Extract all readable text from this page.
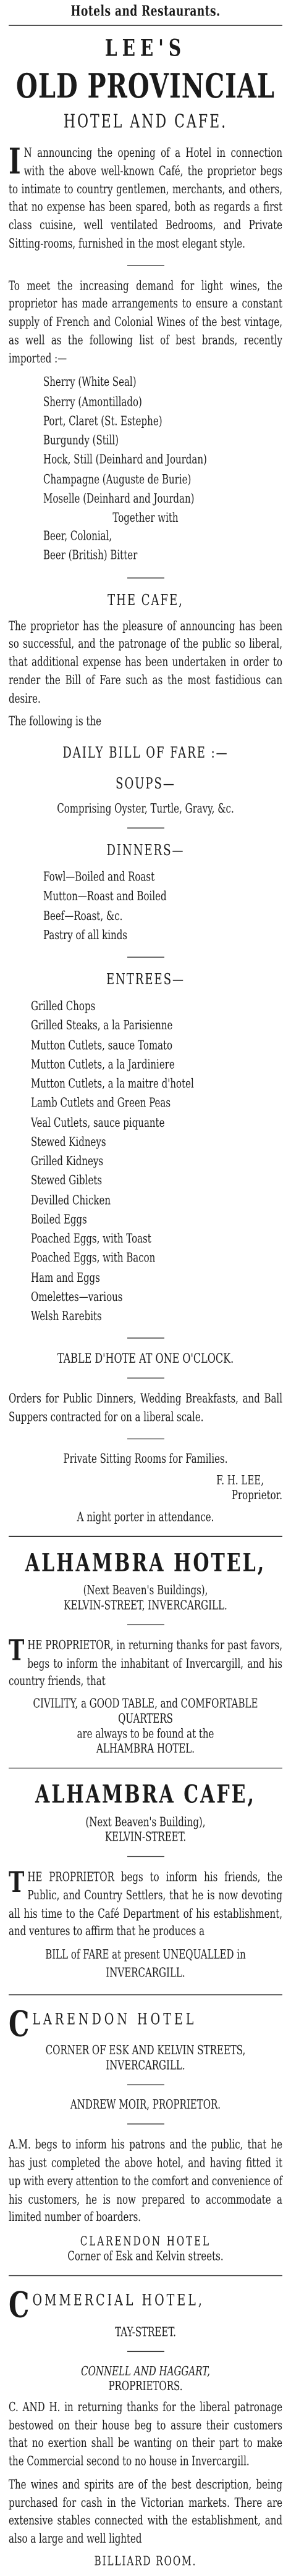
Hotels and Restaurants.
LEE'S
OLD PROVINCIAL
HOTEL AND CAFE.

I N announcing the opening of a Hotel in connection with the above well-known Café, the proprietor begs to intimate to country gentlemen, merchants, and others, that no expense has been spared, both as regards a first class cuisine, well ventilated Bedrooms, and Private Sitting-rooms, furnished in the most elegant style.

To meet the increasing demand for light wines, the proprietor has made arrangements to ensure a constant supply of French and Colonial Wines of the best vintage, as well as the following list of best brands, recently imported :—

Sherry (White Seal)
Sherry (Amontillado)
Port, Claret (St. Estephe)
Burgundy (Still)
Hock, Still (Deinhard and Jourdan)
Champagne (Auguste de Burie)
Moselle (Deinhard and Jourdan)
Together with
Beer, Colonial,
Beer (British) Bitter
THE CAFE,

The proprietor has the pleasure of announcing has been so successful, and the patronage of the public so liberal, that additional expense has been undertaken in order to render the Bill of Fare such as the most fastidious can desire.

The following is the

DAILY BILL OF FARE :—
SOUPS—
Comprising Oyster, Turtle, Gravy, &c.
DINNERS—
Fowl—Boiled and Roast
Mutton—Roast and Boiled
Beef—Roast, &c.
Pastry of all kinds
ENTREES—
Grilled Chops
Grilled Steaks, a la Parisienne
Mutton Cutlets, sauce Tomato
Mutton Cutlets, a la Jardiniere
Mutton Cutlets, a la maitre d'hotel
Lamb Cutlets and Green Peas
Veal Cutlets, sauce piquante
Stewed Kidneys
Grilled Kidneys
Stewed Giblets
Devilled Chicken
Boiled Eggs
Poached Eggs, with Toast
Poached Eggs, with Bacon
Ham and Eggs
Omelettes—various
Welsh Rarebits
TABLE D'HOTE AT ONE O'CLOCK.

Orders for Public Dinners, Wedding Breakfasts, and Ball Suppers contracted for on a liberal scale.

Private Sitting Rooms for Families.
F. H. LEE,
Proprietor.
A night porter in attendance.
ALHAMBRA HOTEL,
(Next Beaven's Buildings),
KELVIN-STREET, INVERCARGILL.

THE PROPRIETOR, in returning thanks for past favors, begs to inform the inhabitant of Invercargill, and his country friends, that

CIVILITY, a GOOD TABLE, and COMFORTABLE QUARTERS
are always to be found at the
ALHAMBRA HOTEL.
ALHAMBRA CAFE,
(Next Beaven's Building),
KELVIN-STREET.

THE PROPRIETOR begs to inform his friends, the Public, and Country Settlers, that he is now devoting all his time to the Café Department of his establishment, and ventures to affirm that he produces a

BILL of FARE at present UNEQUALLED in INVERCARGILL.

C LARENDON HOTEL
CORNER OF ESK AND KELVIN STREETS, INVERCARGILL.
ANDREW MOIR, PROPRIETOR.

A.M. begs to inform his patrons and the public, that he has just completed the above hotel, and having fitted it up with every attention to the comfort and convenience of his customers, he is now prepared to accommodate a limited number of boarders.

CLARENDON HOTEL
Corner of Esk and Kelvin streets.
C OMMERCIAL HOTEL,
TAY-STREET.
CONNELL AND HAGGART,
PROPRIETORS.

C. AND H. in returning thanks for the liberal patronage bestowed on their house beg to assure their customers that no exertion shall be wanting on their part to make the Commercial second to no house in Invercargill.

The wines and spirits are of the best description, being purchased for cash in the Victorian markets. There are extensive stables connected with the establishment, and also a large and well lighted

BILLIARD ROOM.
